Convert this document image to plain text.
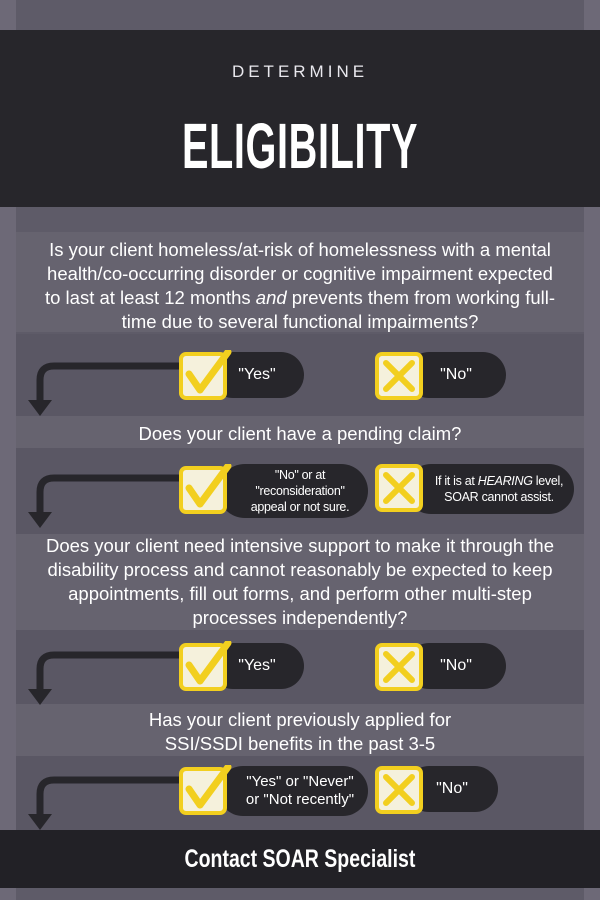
DETERMINE
ELIGIBILITY
Is your client homeless/at-risk of homelessness with a mental health/co-occurring disorder or cognitive impairment expected to last at least 12 months and prevents them from working full-time due to several functional impairments?
Does your client have a pending claim?
Does your client need intensive support to make it through the disability process and cannot reasonably be expected to keep appointments, fill out forms, and perform other multi-step processes independently?
Has your client previously applied for SSI/SSDI benefits in the past 3-5
"Yes"	"No"
"No" or at "reconsideration" appeal or not sure.
If it is at HEARING level, SOAR cannot assist.
"Yes"	"No"
"Yes" or "Never" or "Not recently"
"No"
Contact SOAR Specialist
